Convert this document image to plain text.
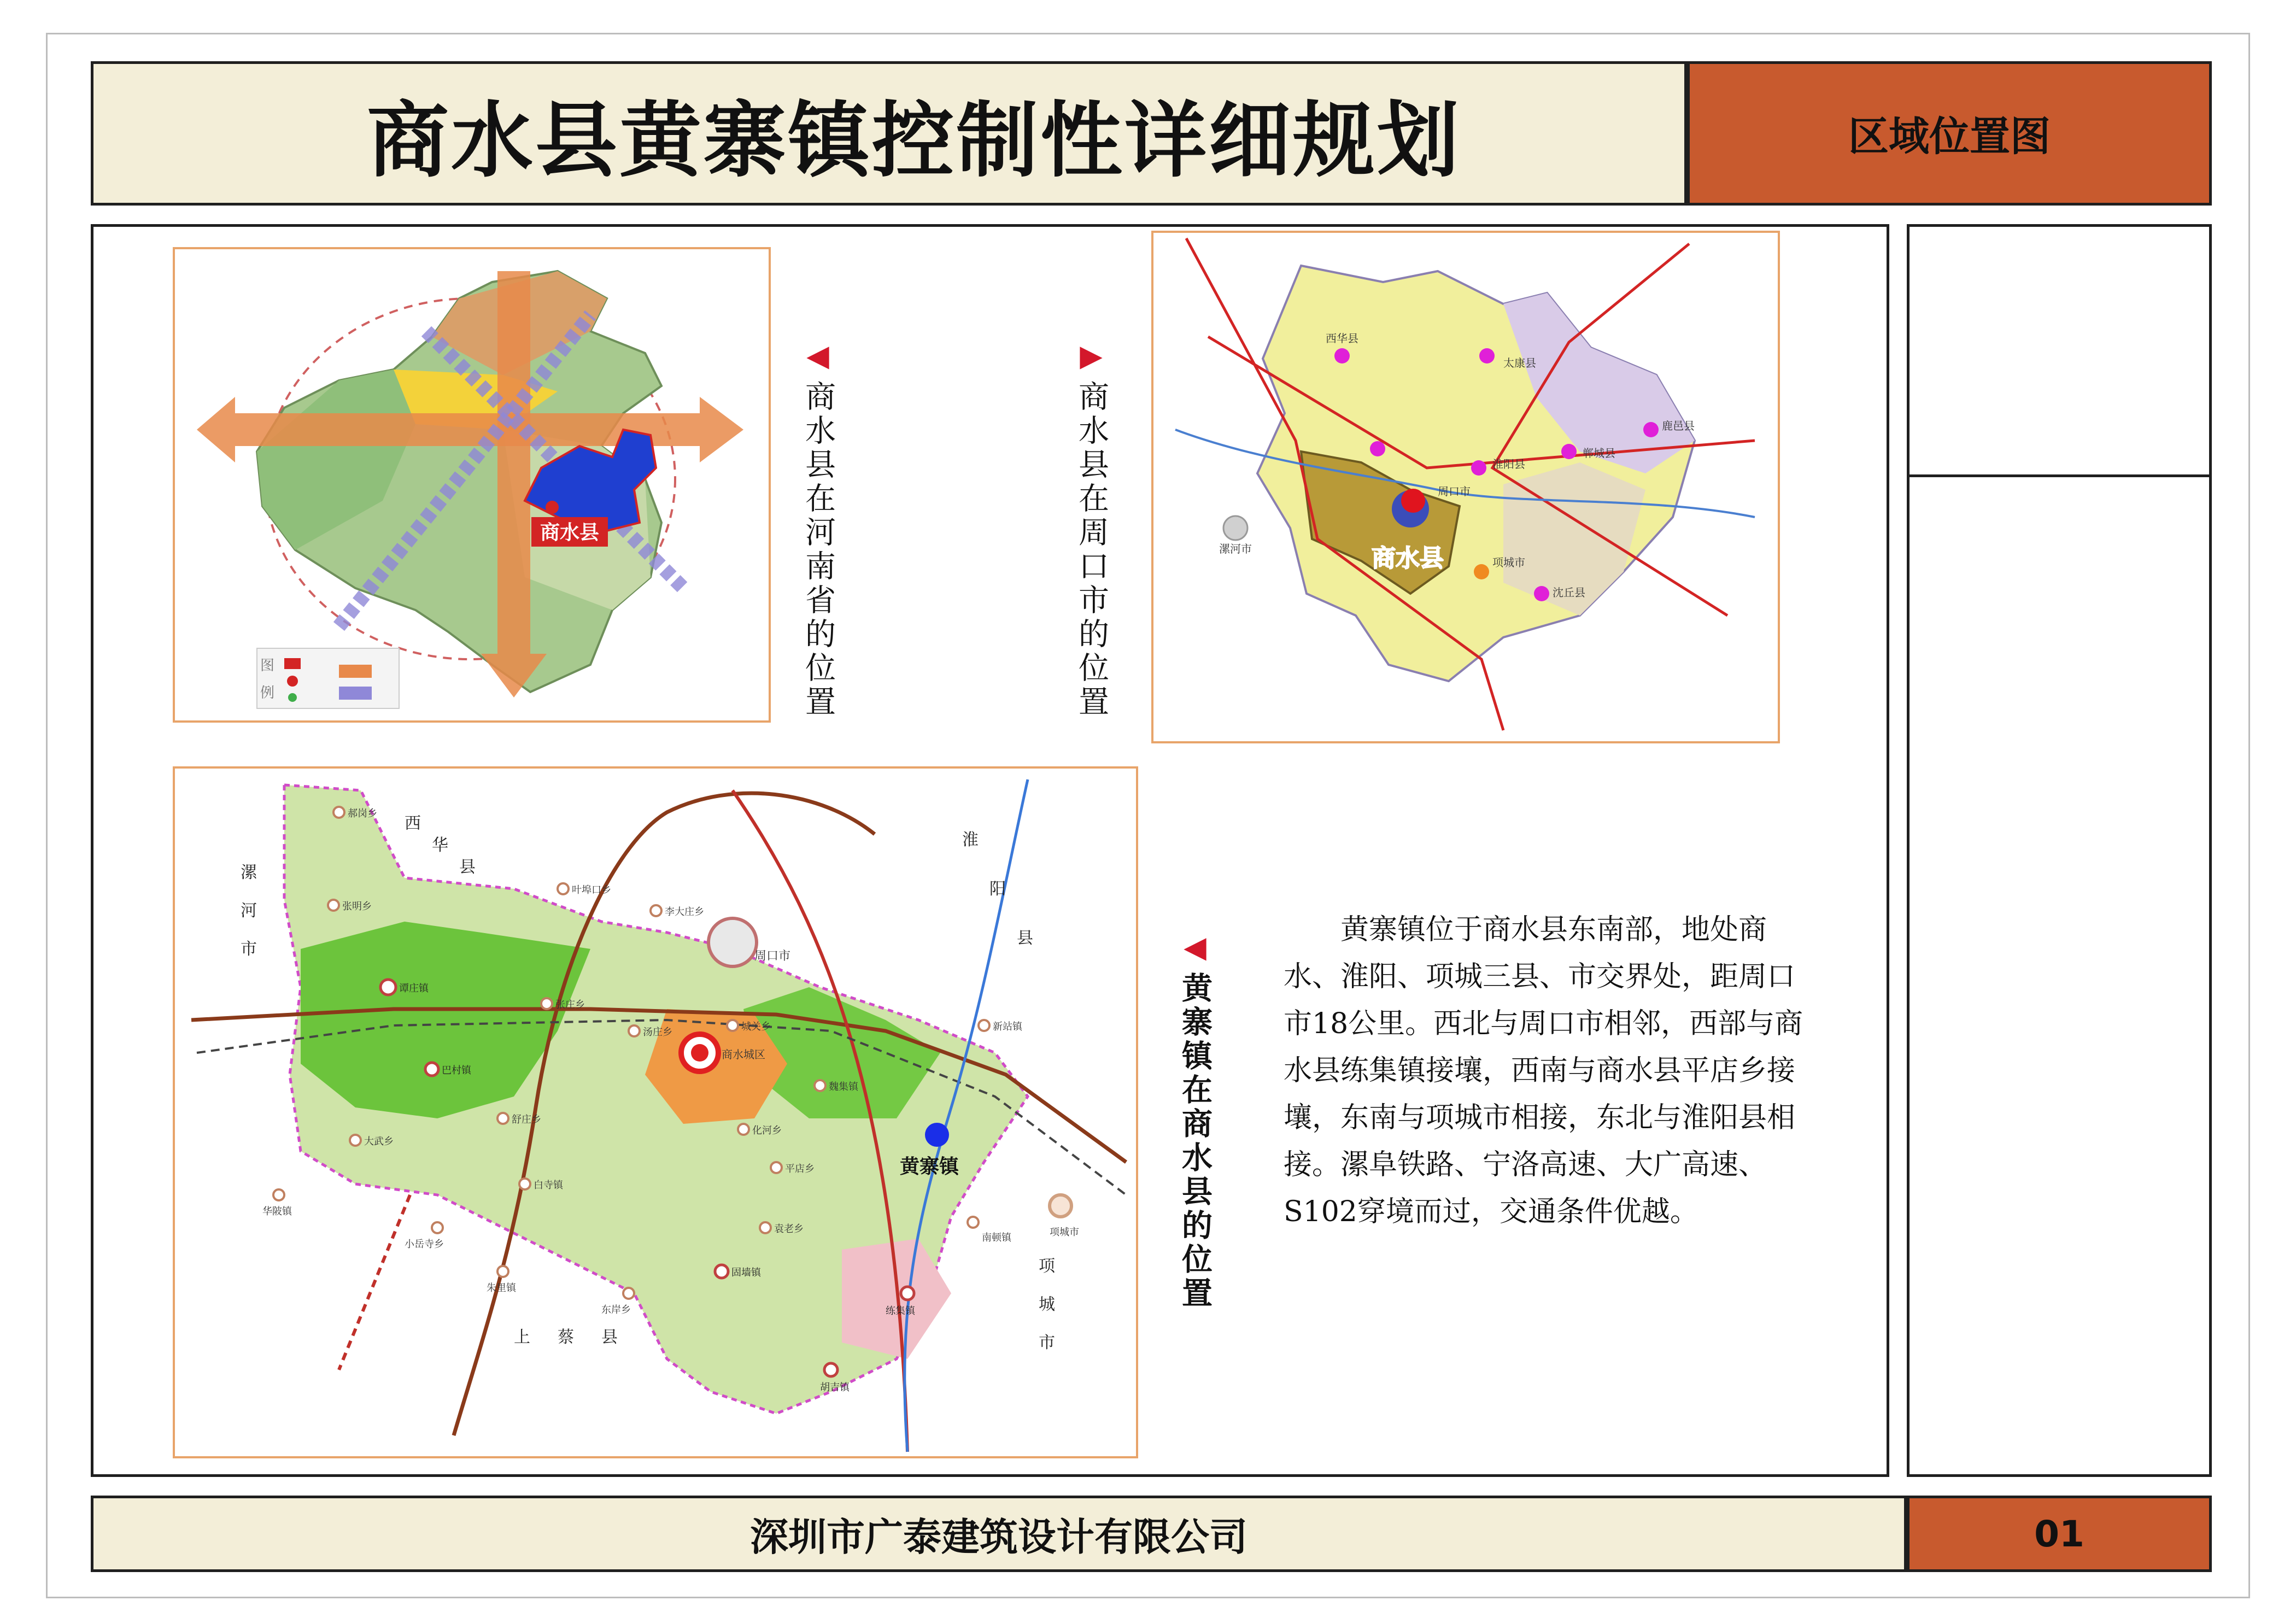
商水县黄寨镇控制性详细规划	区域位置图
商水县
图
例
周口市
西华县
太康县
淮阳县
郸城县
鹿邑县
沈丘县
项城市
漯河市	商水县
黄寨镇
周口市
商水城区
西
华
县
漯
河
市
淮
阳
县
项
城
市
上 蔡 县
郝岗乡
张明乡
叶埠口乡
李大庄乡
谭庄镇
张庄乡
巴村镇
汤庄乡	城关乡
魏集镇
舒庄乡
大武乡
白寺镇
化河乡
平店乡
华陂镇
小岳寺乡
固墙镇
袁老乡
练集镇
东岸乡
胡吉镇
朱里镇
新站镇
项城市
南顿镇
◀
商水县在河南省的位置
▶
商水县在周口市的位置
◀
黄寨镇在商水县的位置

黄寨镇位于商水县东南部，地处商水、淮阳、项城三县、市交界处，距周口市18公里。西北与周口市相邻，西部与商水县练集镇接壤，西南与商水县平店乡接壤，东南与项城市相接，东北与淮阳县相接。漯阜铁路、宁洛高速、大广高速、S102穿境而过，交通条件优越。

深圳市广泰建筑设计有限公司	01
